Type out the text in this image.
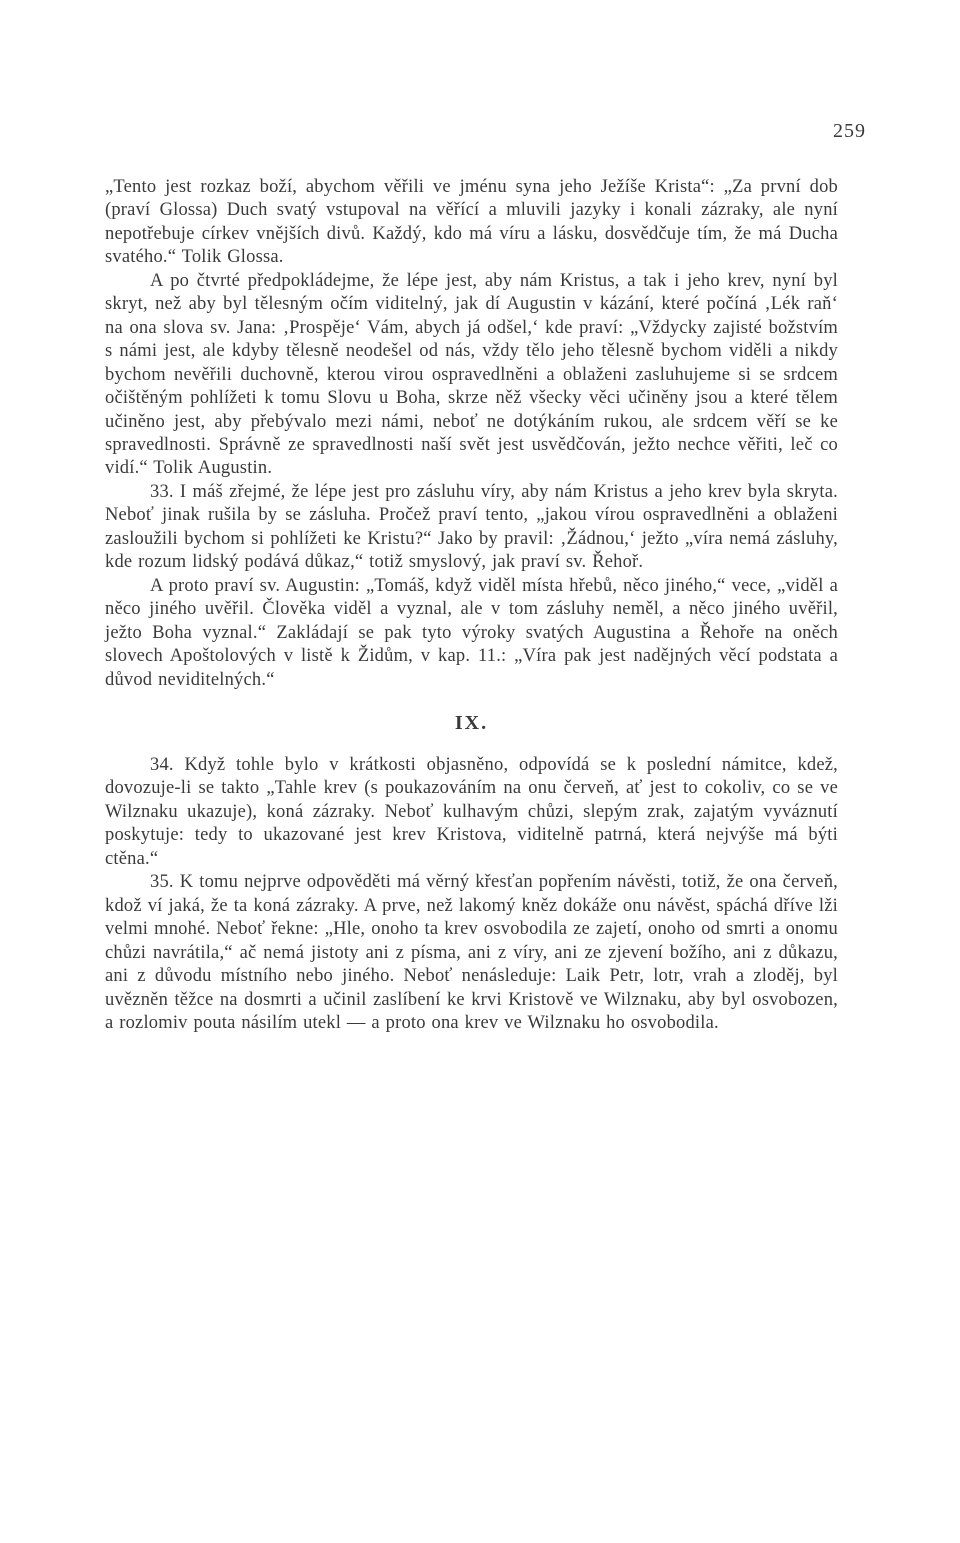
259

„Tento jest rozkaz boží, abychom věřili ve jménu syna jeho Ježíše Krista“: „Za první dob (praví Glossa) Duch svatý vstupoval na věřící a mluvili jazyky i konali zázraky, ale nyní nepotřebuje církev vnějších divů. Každý, kdo má víru a lásku, dosvědčuje tím, že má Ducha svatého.“ Tolik Glossa.

A po čtvrté předpokládejme, že lépe jest, aby nám Kristus, a tak i jeho krev, nyní byl skryt, než aby byl tělesným očím viditelný, jak dí Augustin v kázání, které počíná ‚Lék raň‘ na ona slova sv. Jana: ‚Prospěje‘ Vám, abych já odšel,‘ kde praví: „Vždycky zajisté božstvím s námi jest, ale kdyby tělesně neodešel od nás, vždy tělo jeho tělesně bychom viděli a nikdy bychom nevěřili duchovně, kterou virou ospravedlněni a oblaženi zasluhujeme si se srdcem očištěným pohlížeti k tomu Slovu u Boha, skrze něž všecky věci učiněny jsou a které tělem učiněno jest, aby přebývalo mezi námi, neboť ne dotýkáním rukou, ale srdcem věří se ke spravedlnosti. Správně ze spravedlnosti naší svět jest usvědčován, ježto nechce věřiti, leč co vidí.“ Tolik Augustin.

33. I máš zřejmé, že lépe jest pro zásluhu víry, aby nám Kristus a jeho krev byla skryta. Neboť jinak rušila by se zásluha. Pročež praví tento, „jakou vírou ospravedlněni a oblaženi zasloužili bychom si pohlížeti ke Kristu?“ Jako by pravil: ‚Žádnou,‘ ježto „víra nemá zásluhy, kde rozum lidský podává důkaz,“ totiž smyslový, jak praví sv. Řehoř.

A proto praví sv. Augustin: „Tomáš, když viděl místa hřebů, něco jiného,“ vece, „viděl a něco jiného uvěřil. Člověka viděl a vyznal, ale v tom zásluhy neměl, a něco jiného uvěřil, ježto Boha vyznal.“ Zakládají se pak tyto výroky svatých Augustina a Řehoře na oněch slovech Apoštolových v listě k Židům, v kap. 11.: „Víra pak jest nadějných věcí podstata a důvod neviditelných.“

IX.

34. Když tohle bylo v krátkosti objasněno, odpovídá se k poslední námitce, kdež, dovozuje-li se takto „Tahle krev (s poukazováním na onu červeň, ať jest to cokoliv, co se ve Wilznaku ukazuje), koná zázraky. Neboť kulhavým chůzi, slepým zrak, zajatým vyváznutí poskytuje: tedy to ukazované jest krev Kristova, viditelně patrná, která nejvýše má býti ctěna.“

35. K tomu nejprve odpověděti má věrný křesťan popřením návěsti, totiž, že ona červeň, kdož ví jaká, že ta koná zázraky. A prve, než lakomý kněz dokáže onu návěst, spáchá dříve lži velmi mnohé. Neboť řekne: „Hle, onoho ta krev osvobodila ze zajetí, onoho od smrti a onomu chůzi navrátila,“ ač nemá jistoty ani z písma, ani z víry, ani ze zjevení božího, ani z důkazu, ani z důvodu místního nebo jiného. Neboť nenásleduje: Laik Petr, lotr, vrah a zloděj, byl uvězněn těžce na dosmrti a učinil zaslíbení ke krvi Kristově ve Wilznaku, aby byl osvobozen, a rozlomiv pouta násilím utekl — a proto ona krev ve Wilznaku ho osvobodila.
